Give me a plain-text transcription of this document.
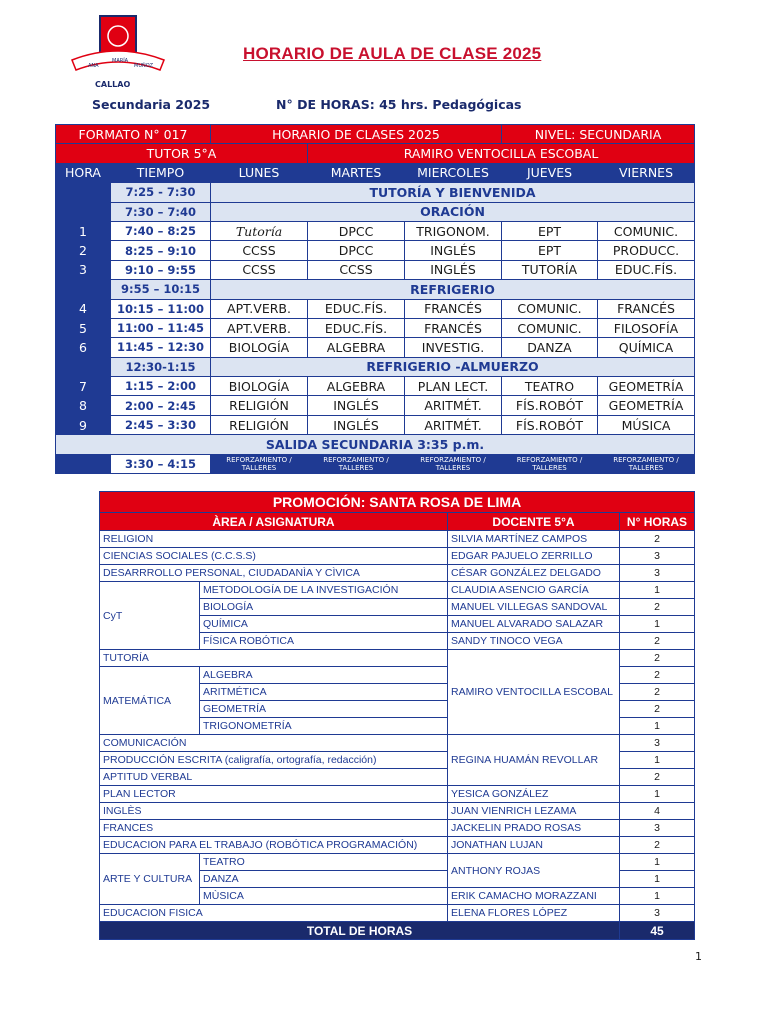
ANA
MARÍA
MUÑOZ
CALLAO
HORARIO DE AULA DE CLASE 2025
Secundaria 2025	N° DE HORAS: 45 hrs. Pedagógicas
FORMATO N° 017		HORARIO DE CLASES 2025			NIVEL: SECUNDARIA	
TUTOR 5°A			RAMIRO VENTOCILLA ESCOBAL			
HORA	TIEMPO	LUNES	MARTES	MIERCOLES	JUEVES	VIERNES
	7:25 - 7:30	TUTORÍA Y BIENVENIDA				
	7:30 – 7:40	ORACIÓN				
1	7:40 – 8:25	Tutoría	DPCC	TRIGONOM.	EPT	COMUNIC.
2	8:25 – 9:10	CCSS	DPCC	INGLÉS	EPT	PRODUCC.
3	9:10 – 9:55	CCSS	CCSS	INGLÉS	TUTORÍA	EDUC.FÍS.
	9:55 – 10:15	REFRIGERIO				
4	10:15 – 11:00	APT.VERB.	EDUC.FÍS.	FRANCÉS	COMUNIC.	FRANCÉS
5	11:00 – 11:45	APT.VERB.	EDUC.FÍS.	FRANCÉS	COMUNIC.	FILOSOFÍA
6	11:45 – 12:30	BIOLOGÍA	ALGEBRA	INVESTIG.	DANZA	QUÍMICA
	12:30-1:15	REFRIGERIO -ALMUERZO				
7	1:15 – 2:00	BIOLOGÍA	ALGEBRA	PLAN LECT.	TEATRO	GEOMETRÍA
8	2:00 – 2:45	RELIGIÓN	INGLÉS	ARITMÉT.	FÍS.ROBÓT	GEOMETRÍA
9	2:45 – 3:30	RELIGIÓN	INGLÉS	ARITMÉT.	FÍS.ROBÓT	MÚSICA
SALIDA SECUNDARIA 3:35 p.m.						
	3:30 – 4:15	REFORZAMIENTO / TALLERES	REFORZAMIENTO / TALLERES	REFORZAMIENTO / TALLERES	REFORZAMIENTO / TALLERES	REFORZAMIENTO / TALLERES
PROMOCIÓN: SANTA ROSA DE LIMA			
ÀREA / ASIGNATURA		DOCENTE 5°A	N° HORAS
RELIGION		SILVIA MARTÍNEZ CAMPOS	2
CIENCIAS SOCIALES (C.C.S.S)		EDGAR PAJUELO ZERRILLO	3
DESARRROLLO PERSONAL, CIUDADANÌA Y CÌVICA		CÉSAR GONZÁLEZ DELGADO	3
CyT	METODOLOGÍA DE LA INVESTIGACIÓN	CLAUDIA ASENCIO GARCÍA	1
	BIOLOGÍA	MANUEL VILLEGAS SANDOVAL	2
	QUÍMICA	MANUEL ALVARADO SALAZAR	1
	FÍSICA ROBÓTICA	SANDY TINOCO VEGA	2
TUTORÍA		RAMIRO VENTOCILLA ESCOBAL	2
MATEMÁTICA	ALGEBRA		2
	ARITMÉTICA		2
	GEOMETRÍA		2
	TRIGONOMETRÍA		1
COMUNICACIÓN		REGINA HUAMÁN REVOLLAR	3
PRODUCCIÓN ESCRITA (caligrafía, ortografía, redacción)			1
APTITUD VERBAL			2
PLAN LECTOR		YESICA GONZÁLEZ	1
INGLÈS		JUAN VIENRICH LEZAMA	4
FRANCES		JACKELIN PRADO ROSAS	3
EDUCACION PARA EL TRABAJO (ROBÓTICA PROGRAMACIÓN)		JONATHAN LUJAN	2
ARTE Y CULTURA	TEATRO	ANTHONY ROJAS	1
	DANZA		1
	MÙSICA	ERIK CAMACHO MORAZZANI	1
EDUCACION FISICA		ELENA FLORES LÓPEZ	3
TOTAL DE HORAS			45
1
